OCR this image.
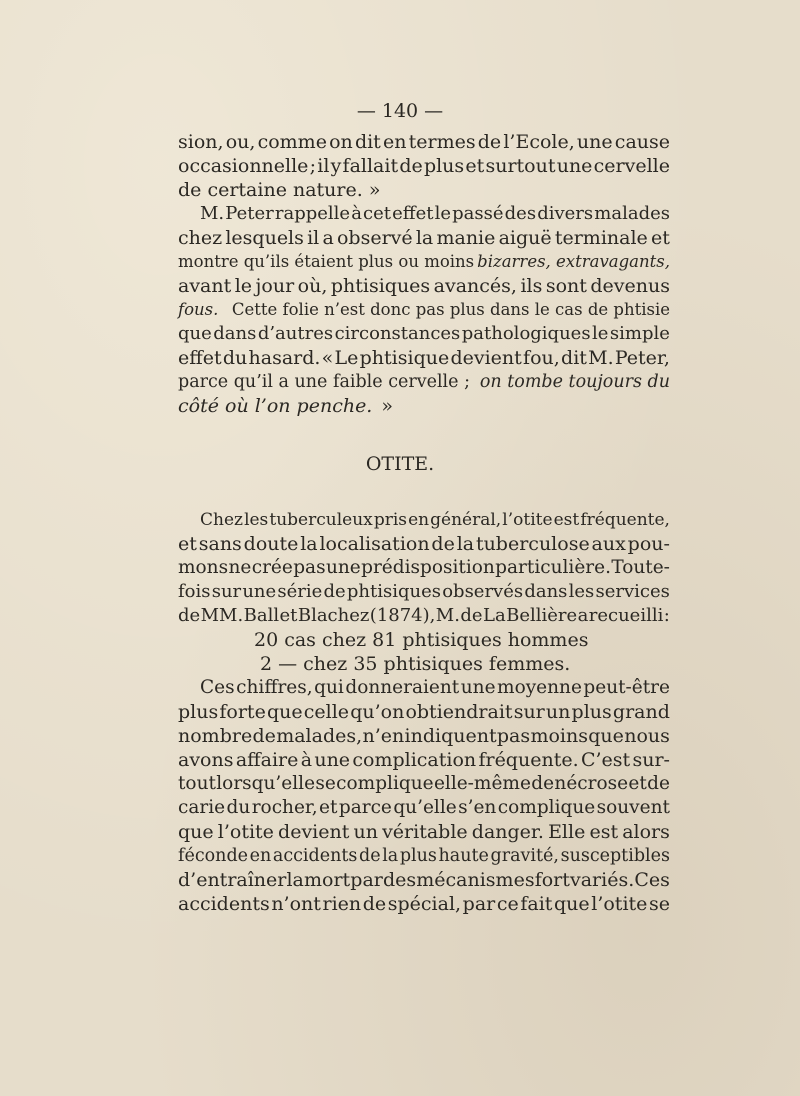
— 140 —
sion, ou, comme on dit en termes de l’Ecole, une cause
occasionnelle ; il y fallait de plus et surtout une cervelle
de certaine nature. »
M. Peter rappelle à cet effet le passé des divers malades
chez lesquels il a observé la manie aiguë terminale et
montre qu’ils étaient plus ou moins bizarres, extravagants,
avant le jour où, phtisiques avancés, ils sont devenus
fous. Cette folie n’est donc pas plus dans le cas de phtisie
que dans d’autres circonstances pathologiques le simple
effet du hasard. « Le phtisique devient fou, dit M. Peter,
parce qu’il a une faible cervelle ; on tombe toujours du
côté où l’on penche. »
OTITE.
Chez les tuberculeux pris en général, l’otite est fréquente,
et sans doute la localisation de la tuberculose aux pou-
mons ne crée pas une prédisposition particulière. Toute-
fois sur une série de phtisiques observés dans les services
de MM. Ball et Blachez (1874), M. de La Bellière a recueilli :
20 cas chez 81 phtisiques hommes
2 — chez 35 phtisiques femmes.
Ces chiffres, qui donneraient une moyenne peut-être
plus forte que celle qu’on obtiendrait sur un plus grand
nombre de malades, n’en indiquent pas moins que nous
avons affaire à une complication fréquente. C’est sur-
tout lorsqu’elle se complique elle-même de nécrose et de
carie du rocher, et parce qu’elle s’en complique souvent
que l’otite devient un véritable danger. Elle est alors
féconde en accidents de la plus haute gravité, susceptibles
d’entraîner la mort par des mécanismes fort variés. Ces
accidents n’ont rien de spécial, par ce fait que l’otite se
